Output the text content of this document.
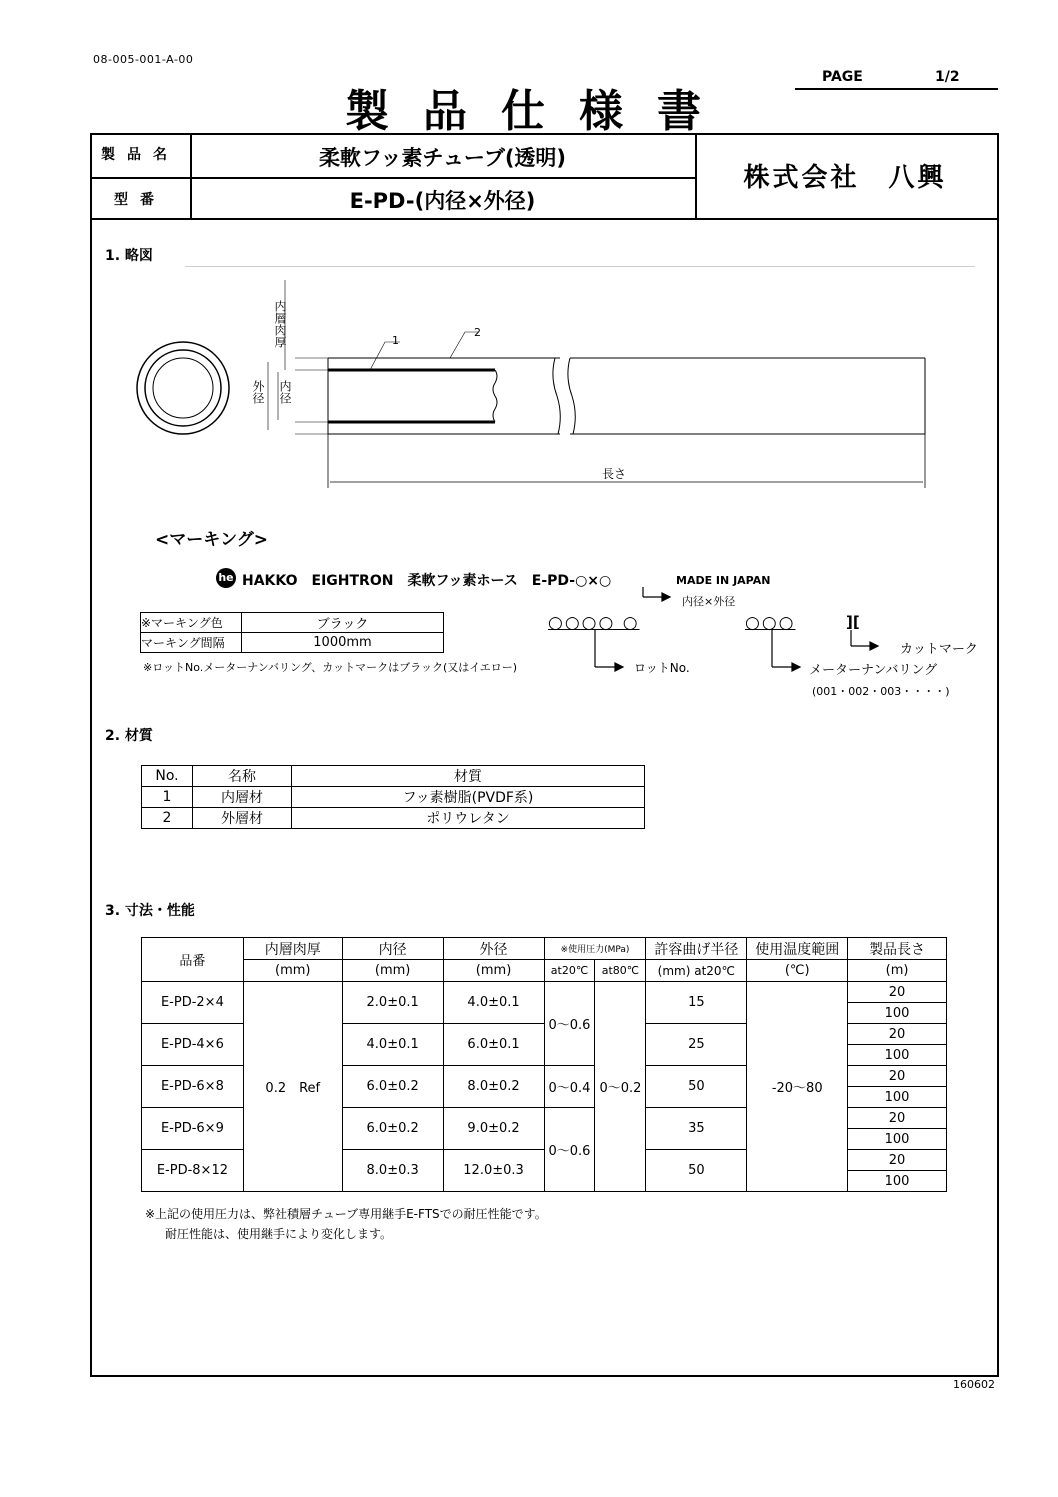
08-005-001-A-00
製品仕様書
PAGE	1/2
製品名	柔軟フッ素チューブ(透明)
型番	E-PD-(内径×外径)
株式会社　八興
1. 略図
内層肉厚
外径 内径
長さ
1
2
<マーキング>
he HAKKO　EIGHTRON　柔軟フッ素ホース　E-PD-○×○	MADE IN JAPAN
内径×外径
※マーキング色	ブラック
マーキング間隔	1000mm
※ロットNo.メーターナンバリング、カットマークはブラック(又はイエロー)
○○○○ ○
ロットNo.
○○○
メーターナンバリング
(001・002・003・・・・)
][
カットマーク
2. 材質
No.	名称	材質
1	内層材	フッ素樹脂(PVDF系)
2	外層材	ポリウレタン
3. 寸法・性能
品番	内層肉厚	内径	外径	※使用圧力(MPa)		許容曲げ半径	使用温度範囲	製品長さ
	(mm)	(mm)	(mm)	at20℃	at80℃	(mm) at20℃	(℃)	(m)
E-PD-2×4	0.2　Ref	2.0±0.1	4.0±0.1	0～0.6	0～0.2	15	-20～80	20
								100
E-PD-4×6		4.0±0.1	6.0±0.1			25		20
								100
E-PD-6×8		6.0±0.2	8.0±0.2	0～0.4		50		20
								100
E-PD-6×9		6.0±0.2	9.0±0.2	0～0.6		35		20
								100
E-PD-8×12		8.0±0.3	12.0±0.3			50		20
								100
※上記の使用圧力は、弊社積層チューブ専用継手E-FTSでの耐圧性能です。
耐圧性能は、使用継手により変化します。
160602
